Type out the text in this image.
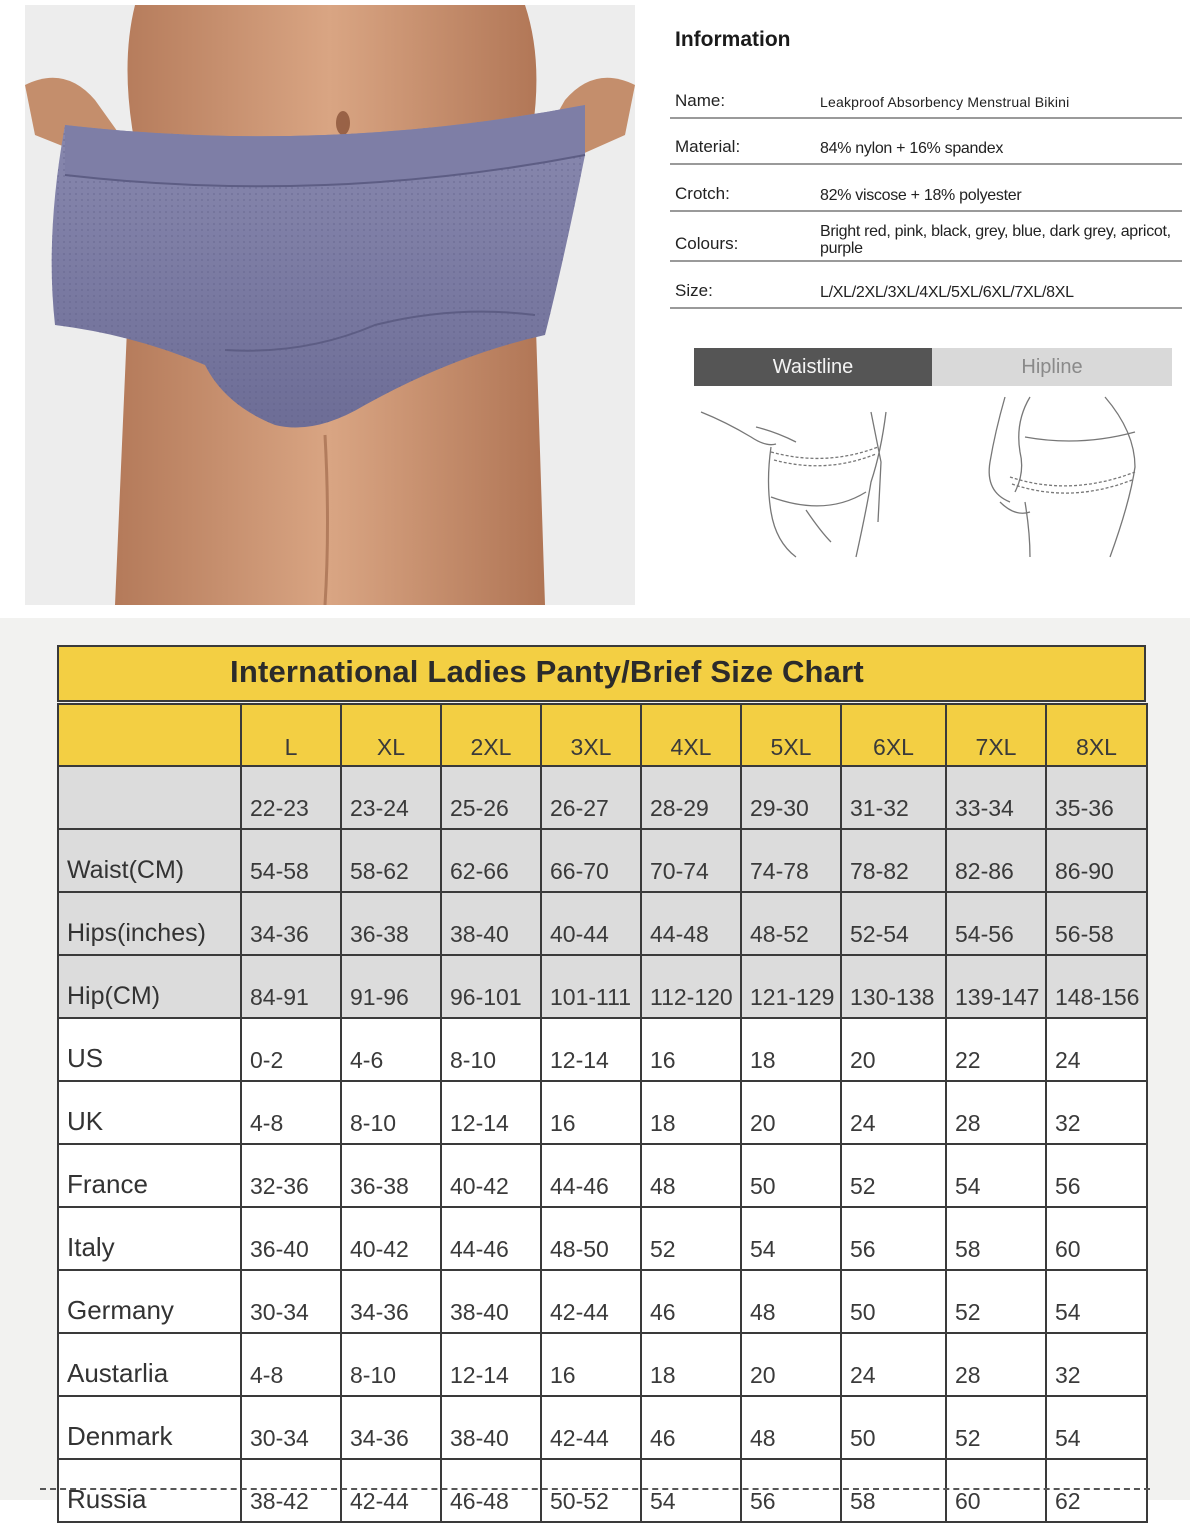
Information
Name:	Leakproof Absorbency Menstrual Bikini
Material:	84% nylon + 16% spandex
Crotch:	82% viscose + 18% polyester
Colours:
Bright red, pink, black, grey, blue, dark grey, apricot, purple
Size:	L/XL/2XL/3XL/4XL/5XL/6XL/7XL/8XL
Waistline	Hipline
International Ladies Panty/Brief Size Chart
	L	XL	2XL	3XL	4XL	5XL	6XL	7XL	8XL
	22-23	23-24	25-26	26-27	28-29	29-30	31-32	33-34	35-36
Waist(CM)	54-58	58-62	62-66	66-70	70-74	74-78	78-82	82-86	86-90
Hips(inches)	34-36	36-38	38-40	40-44	44-48	48-52	52-54	54-56	56-58
Hip(CM)	84-91	91-96	96-101	101-111	112-120	121-129	130-138	139-147	148-156
US	0-2	4-6	8-10	12-14	16	18	20	22	24
UK	4-8	8-10	12-14	16	18	20	24	28	32
France	32-36	36-38	40-42	44-46	48	50	52	54	56
Italy	36-40	40-42	44-46	48-50	52	54	56	58	60
Germany	30-34	34-36	38-40	42-44	46	48	50	52	54
Austarlia	4-8	8-10	12-14	16	18	20	24	28	32
Denmark	30-34	34-36	38-40	42-44	46	48	50	52	54
Russia	38-42	42-44	46-48	50-52	54	56	58	60	62
